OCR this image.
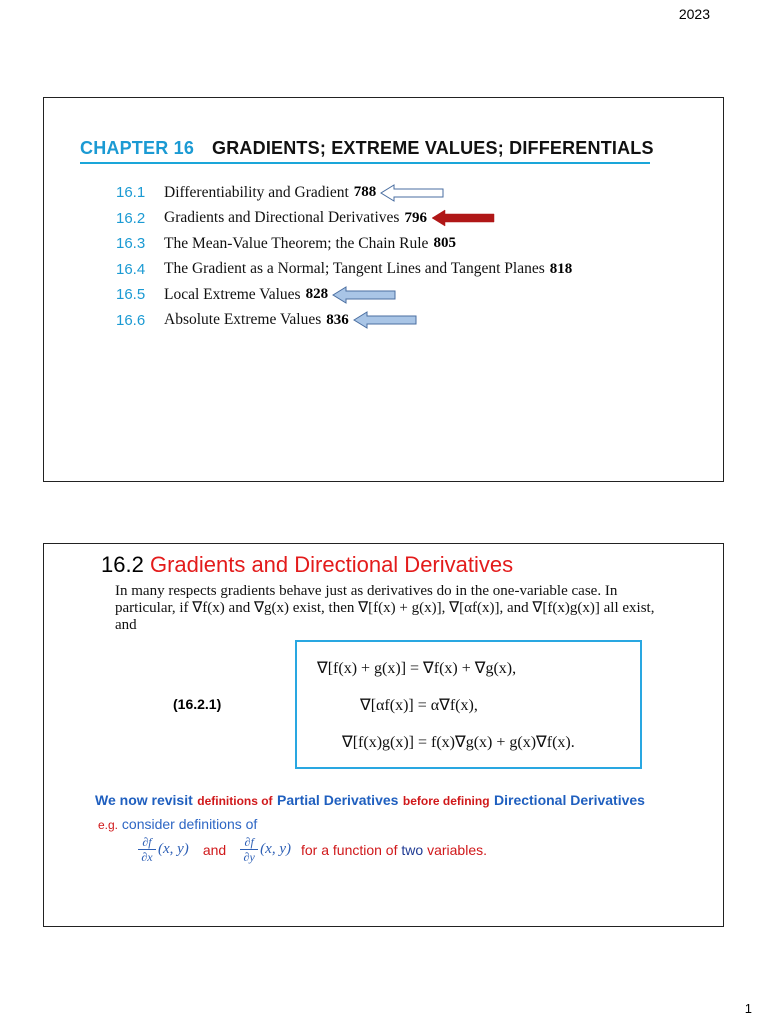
2023
CHAPTER 16 GRADIENTS; EXTREME VALUES; DIFFERENTIALS
16.1	Differentiability and Gradient 788
16.2	Gradients and Directional Derivatives 796
16.3	The Mean-Value Theorem; the Chain Rule 805
16.4	The Gradient as a Normal; Tangent Lines and Tangent Planes 818
16.5	Local Extreme Values 828
16.6	Absolute Extreme Values 836
16.2 Gradients and Directional Derivatives
In many respects gradients behave just as derivatives do in the one-variable case. In particular, if ∇f(x) and ∇g(x) exist, then ∇[f(x) + g(x)], ∇[αf(x)], and ∇[f(x)g(x)] all exist, and
(16.2.1)
∇[f(x) + g(x)] = ∇f(x) + ∇g(x),
∇[αf(x)] = α∇f(x),
∇[f(x)g(x)] = f(x)∇g(x) + g(x)∇f(x).
We now revisit definitions of Partial Derivatives before defining Directional Derivatives
e.g. consider definitions of
$\frac{\partial f}{\partial x} (x$, y) and $\frac{\partial f}{\partial y} (x$, y) for a function of two variables.
1
